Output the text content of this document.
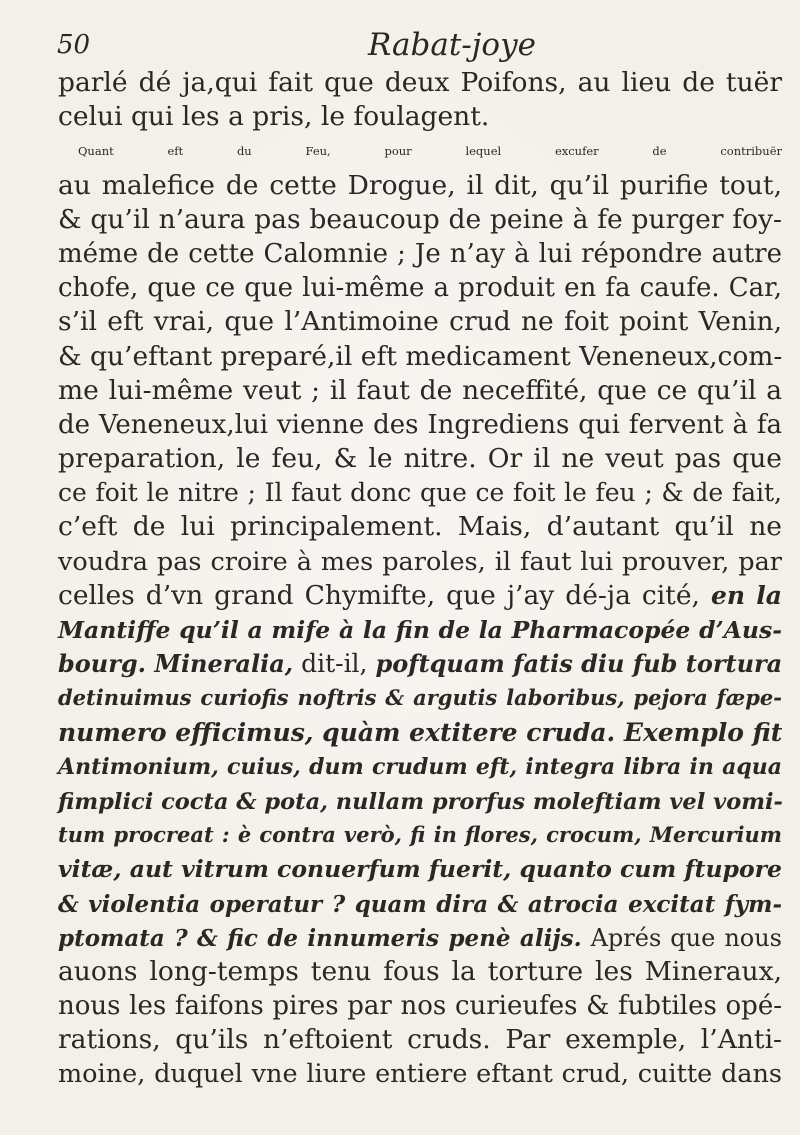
50	Rabat-joye
parlé dé ja,qui fait que deux Poifons, au lieu de tuër
celui qui les a pris, le foulagent.
Quant eft du Feu, pour lequel excufer de contribuër
au malefice de cette Drogue, il dit, qu’il purifie tout,
& qu’il n’aura pas beaucoup de peine à fe purger foy-
méme de cette Calomnie ; Je n’ay à lui répondre autre
chofe, que ce que lui-même a produit en fa caufe. Car,
s’il eft vrai, que l’Antimoine crud ne foit point Venin,
& qu’eftant preparé,il eft medicament Veneneux,com-
me lui-même veut ; il faut de neceffité, que ce qu’il a
de Veneneux,lui vienne des Ingrediens qui fervent à fa
preparation, le feu, & le nitre. Or il ne veut pas que
ce foit le nitre ; Il faut donc que ce foit le feu ; & de fait,
c’eft de lui principalement. Mais, d’autant qu’il ne
voudra pas croire à mes paroles, il faut lui prouver, par
celles d’vn grand Chymifte, que j’ay dé-ja cité, en la
Mantiffe qu’il a mife à la fin de la Pharmacopée d’Aus-
bourg. Mineralia, dit-il, poftquam fatis diu fub tortura
detinuimus curiofis noftris & argutis laboribus, pejora fæpe-
numero efficimus, quàm extitere cruda. Exemplo fit
Antimonium, cuius, dum crudum eft, integra libra in aqua
fimplici cocta & pota, nullam prorfus moleftiam vel vomi-
tum procreat : è contra verò, fi in flores, crocum, Mercurium
vitæ, aut vitrum conuerfum fuerit, quanto cum ftupore
& violentia operatur ? quam dira & atrocia excitat fym-
ptomata ? & fic de innumeris penè alijs. Aprés que nous
auons long-temps tenu fous la torture les Mineraux,
nous les faifons pires par nos curieufes & fubtiles opé-
rations, qu’ils n’eftoient cruds. Par exemple, l’Anti-
moine, duquel vne liure entiere eftant crud, cuitte dans
